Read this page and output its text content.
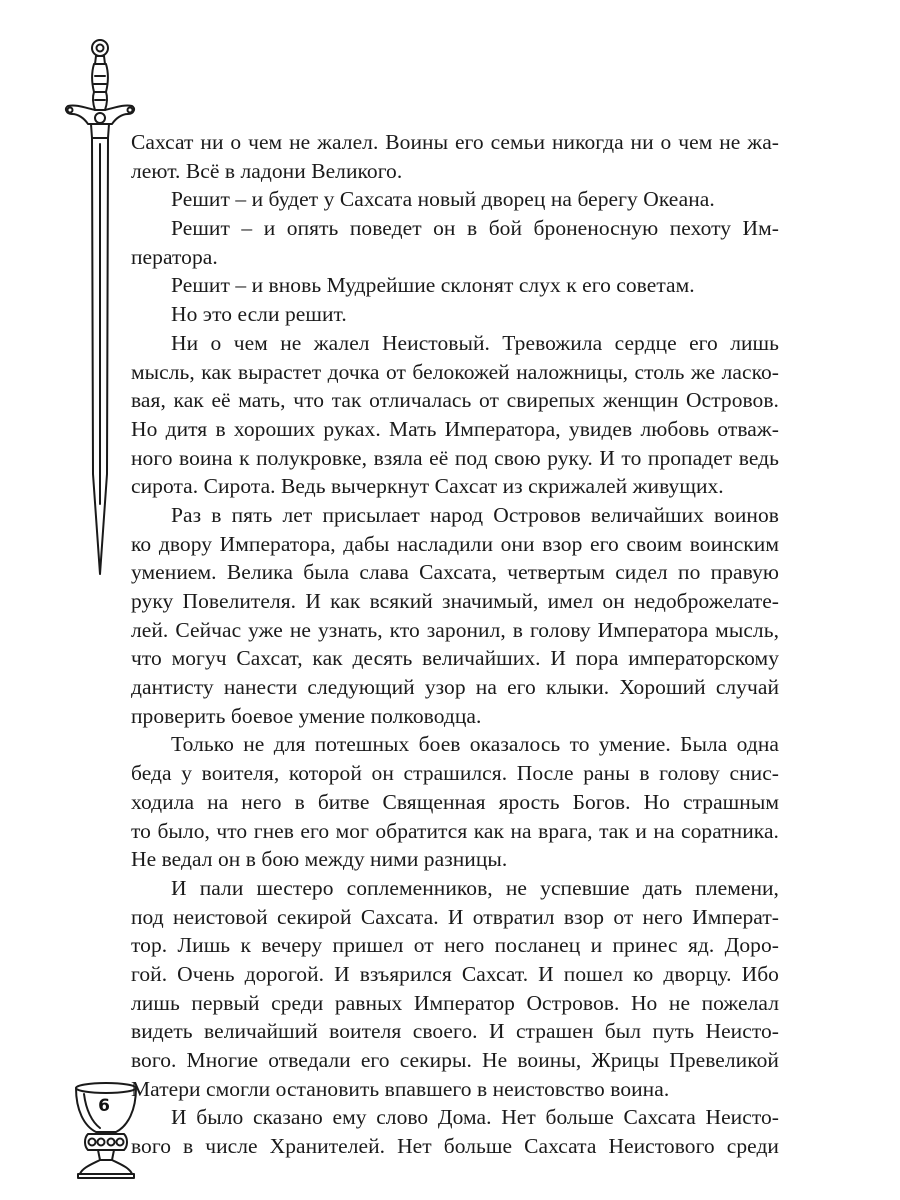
Сахсат ни о чем не жалел. Воины его семьи никогда ни о чем не жа-
леют. Всё в ладони Великого.
Решит – и будет у Сахсата новый дворец на берегу Океана.
Решит – и опять поведет он в бой броненосную пехоту Им-
ператора.
Решит – и вновь Мудрейшие склонят слух к его советам.
Но это если решит.
Ни о чем не жалел Неистовый. Тревожила сердце его лишь
мысль, как вырастет дочка от белокожей наложницы, столь же ласко-
вая, как её мать, что так отличалась от свирепых женщин Островов.
Но дитя в хороших руках. Мать Императора, увидев любовь отваж-
ного воина к полукровке, взяла её под свою руку. И то пропадет ведь
сирота. Сирота. Ведь вычеркнут Сахсат из скрижалей живущих.
Раз в пять лет присылает народ Островов величайших воинов
ко двору Императора, дабы насладили они взор его своим воинским
умением. Велика была слава Сахсата, четвертым сидел по правую
руку Повелителя. И как всякий значимый, имел он недоброжелате-
лей. Сейчас уже не узнать, кто заронил, в голову Императора мысль,
что могуч Сахсат, как десять величайших. И пора императорскому
дантисту нанести следующий узор на его клыки. Хороший случай
проверить боевое умение полководца.
Только не для потешных боев оказалось то умение. Была одна
беда у воителя, которой он страшился. После раны в голову снис-
ходила на него в битве Священная ярость Богов. Но страшным
то было, что гнев его мог обратится как на врага, так и на соратника.
Не ведал он в бою между ними разницы.
И пали шестеро соплеменников, не успевшие дать племени,
под неистовой секирой Сахсата. И отвратил взор от него Императ-
тор. Лишь к вечеру пришел от него посланец и принес яд. Доро-
гой. Очень дорогой. И взъярился Сахсат. И пошел ко дворцу. Ибо
лишь первый среди равных Император Островов. Но не пожелал
видеть величайший воителя своего. И страшен был путь Неисто-
вого. Многие отведали его секиры. Не воины, Жрицы Превеликой
Матери смогли остановить впавшего в неистовство воина.
И было сказано ему слово Дома. Нет больше Сахсата Неисто-
вого в числе Хранителей. Нет больше Сахсата Неистового среди
6
